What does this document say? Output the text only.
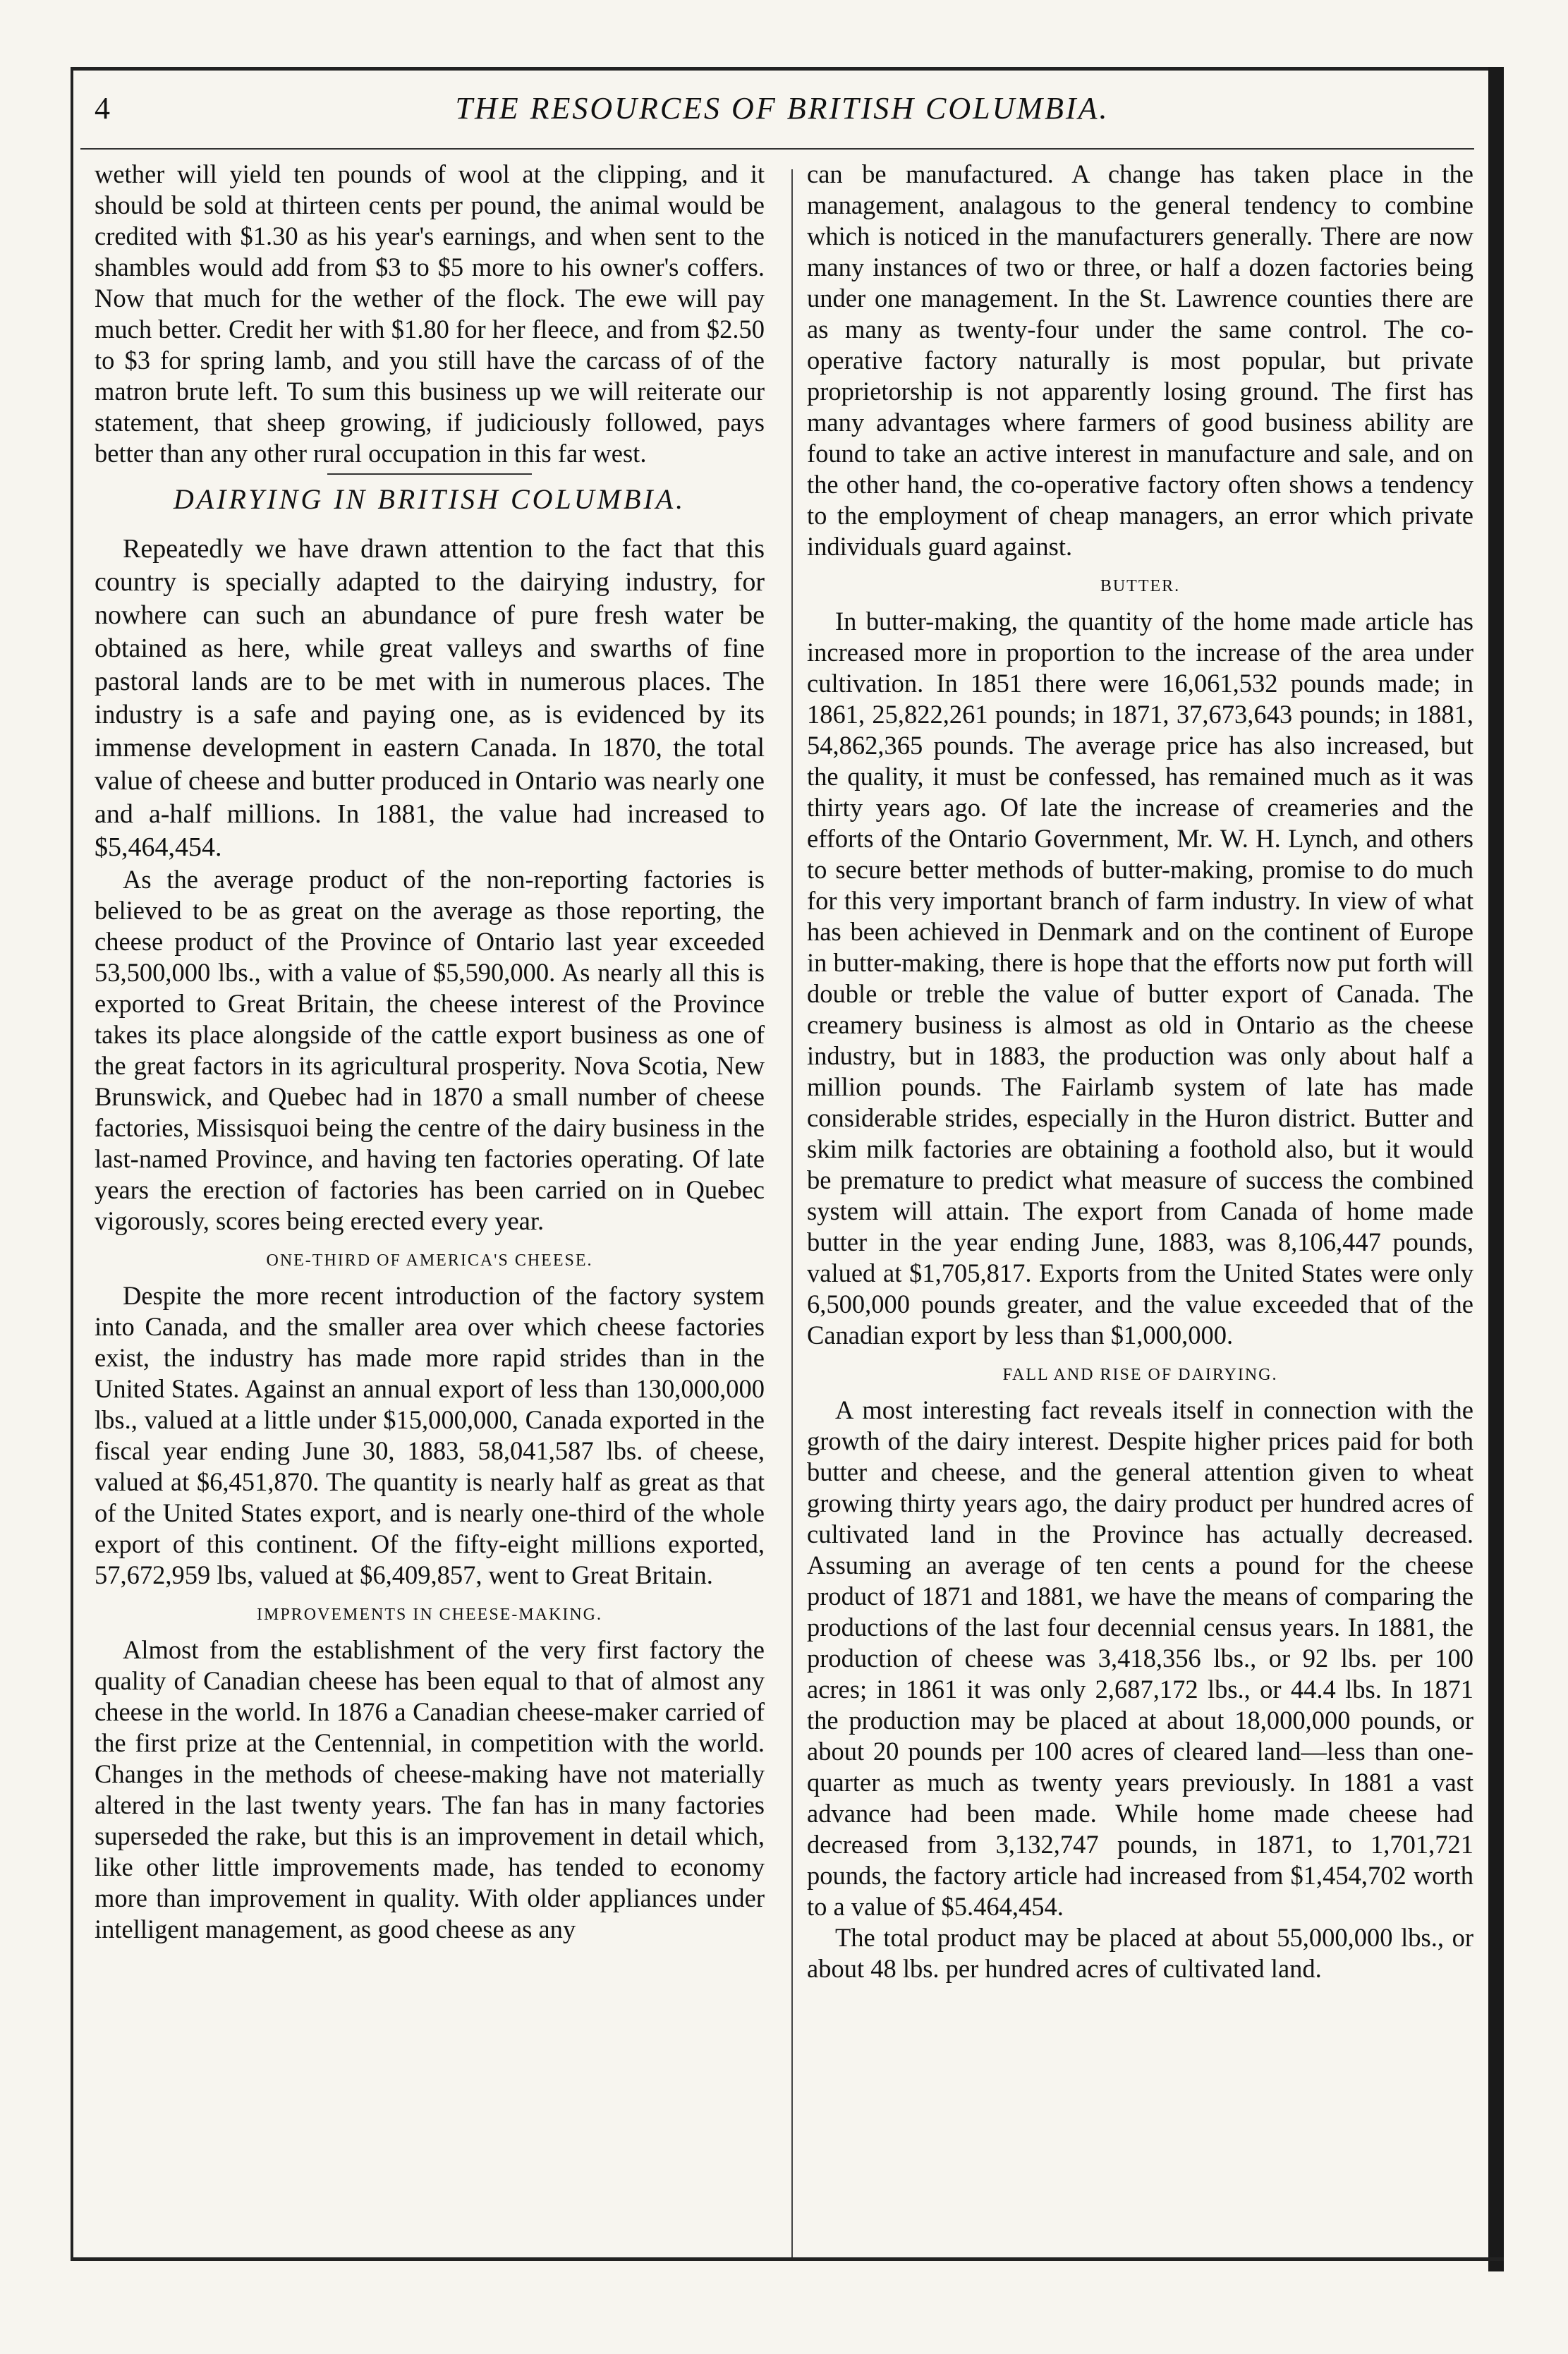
4	THE RESOURCES OF BRITISH COLUMBIA.

wether will yield ten pounds of wool at the clipping, and it should be sold at thirteen cents per pound, the animal would be credited with $1.30 as his year's earnings, and when sent to the shambles would add from $3 to $5 more to his owner's coffers. Now that much for the wether of the flock. The ewe will pay much better. Credit her with $1.80 for her fleece, and from $2.50 to $3 for spring lamb, and you still have the carcass of of the matron brute left. To sum this business up we will reiterate our statement, that sheep growing, if judiciously followed, pays better than any other rural occupation in this far west.

DAIRYING IN BRITISH COLUMBIA.

Repeatedly we have drawn attention to the fact that this country is specially adapted to the dairying industry, for nowhere can such an abundance of pure fresh water be obtained as here, while great valleys and swarths of fine pastoral lands are to be met with in numerous places. The industry is a safe and paying one, as is evidenced by its immense development in eastern Canada. In 1870, the total value of cheese and butter produced in Ontario was nearly one and a-half millions. In 1881, the value had increased to $5,464,454.

As the average product of the non-reporting factories is believed to be as great on the average as those reporting, the cheese product of the Province of Ontario last year exceeded 53,500,000 lbs., with a value of $5,590,000. As nearly all this is exported to Great Britain, the cheese interest of the Province takes its place alongside of the cattle export business as one of the great factors in its agricultural prosperity. Nova Scotia, New Brunswick, and Quebec had in 1870 a small number of cheese factories, Missisquoi being the centre of the dairy business in the last-named Province, and having ten factories operating. Of late years the erection of factories has been carried on in Quebec vigorously, scores being erected every year.

ONE-THIRD OF AMERICA'S CHEESE.

Despite the more recent introduction of the factory system into Canada, and the smaller area over which cheese factories exist, the industry has made more rapid strides than in the United States. Against an annual export of less than 130,000,000 lbs., valued at a little under $15,000,000, Canada exported in the fiscal year ending June 30, 1883, 58,041,587 lbs. of cheese, valued at $6,451,870. The quantity is nearly half as great as that of the United States export, and is nearly one-third of the whole export of this continent. Of the fifty-eight millions exported, 57,672,959 lbs, valued at $6,409,857, went to Great Britain.

IMPROVEMENTS IN CHEESE-MAKING.

Almost from the establishment of the very first factory the quality of Canadian cheese has been equal to that of almost any cheese in the world. In 1876 a Canadian cheese-maker carried of the first prize at the Centennial, in competition with the world. Changes in the methods of cheese-making have not materially altered in the last twenty years. The fan has in many factories superseded the rake, but this is an improvement in detail which, like other little improvements made, has tended to economy more than improvement in quality. With older appliances under intelligent management, as good cheese as any

can be manufactured. A change has taken place in the management, analagous to the general tendency to combine which is noticed in the manufacturers generally. There are now many instances of two or three, or half a dozen factories being under one management. In the St. Lawrence counties there are as many as twenty-four under the same control. The co-operative factory naturally is most popular, but private proprietorship is not apparently losing ground. The first has many advantages where farmers of good business ability are found to take an active interest in manufacture and sale, and on the other hand, the co-operative factory often shows a tendency to the employment of cheap managers, an error which private individuals guard against.

BUTTER.

In butter-making, the quantity of the home made article has increased more in proportion to the increase of the area under cultivation. In 1851 there were 16,061,532 pounds made; in 1861, 25,822,261 pounds; in 1871, 37,673,643 pounds; in 1881, 54,862,365 pounds. The average price has also increased, but the quality, it must be confessed, has remained much as it was thirty years ago. Of late the increase of creameries and the efforts of the Ontario Government, Mr. W. H. Lynch, and others to secure better methods of butter-making, promise to do much for this very important branch of farm industry. In view of what has been achieved in Denmark and on the continent of Europe in butter-making, there is hope that the efforts now put forth will double or treble the value of butter export of Canada. The creamery business is almost as old in Ontario as the cheese industry, but in 1883, the production was only about half a million pounds. The Fairlamb system of late has made considerable strides, especially in the Huron district. Butter and skim milk factories are obtaining a foothold also, but it would be premature to predict what measure of success the combined system will attain. The export from Canada of home made butter in the year ending June, 1883, was 8,106,447 pounds, valued at $1,705,817. Exports from the United States were only 6,500,000 pounds greater, and the value exceeded that of the Canadian export by less than $1,000,000.

FALL AND RISE OF DAIRYING.

A most interesting fact reveals itself in connection with the growth of the dairy interest. Despite higher prices paid for both butter and cheese, and the general attention given to wheat growing thirty years ago, the dairy product per hundred acres of cultivated land in the Province has actually decreased. Assuming an average of ten cents a pound for the cheese product of 1871 and 1881, we have the means of comparing the productions of the last four decennial census years. In 1881, the production of cheese was 3,418,356 lbs., or 92 lbs. per 100 acres; in 1861 it was only 2,687,172 lbs., or 44.4 lbs. In 1871 the production may be placed at about 18,000,000 pounds, or about 20 pounds per 100 acres of cleared land—less than one-quarter as much as twenty years previously. In 1881 a vast advance had been made. While home made cheese had decreased from 3,132,747 pounds, in 1871, to 1,701,721 pounds, the factory article had increased from $1,454,702 worth to a value of $5.464,454.

The total product may be placed at about 55,000,000 lbs., or about 48 lbs. per hundred acres of cultivated land.
